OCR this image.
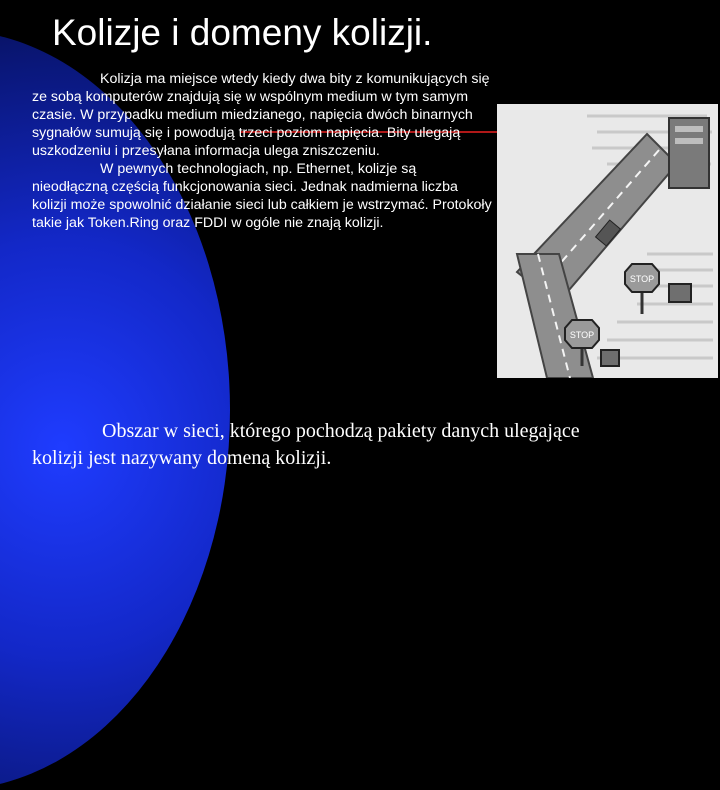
Kolizje i domeny kolizji.

Kolizja ma miejsce wtedy kiedy dwa bity z komunikujących się ze sobą komputerów znajdują się w wspólnym medium w tym samym czasie. W przypadku medium miedzianego, napięcia dwóch binarnych sygnałów sumują się i powodują trzeci poziom napięcia. Bity ulegają uszkodzeniu i przesyłana informacja ulega zniszczeniu.

W pewnych technologiach, np. Ethernet, kolizje są nieodłączną częścią funkcjonowania sieci. Jednak nadmierna liczba kolizji może spowolnić działanie sieci lub całkiem je wstrzymać. Protokoły takie jak Token.Ring oraz FDDI w ogóle nie znają kolizji.

STOP
STOP

Obszar w sieci, którego pochodzą pakiety danych ulegające kolizji jest nazywany domeną kolizji.
